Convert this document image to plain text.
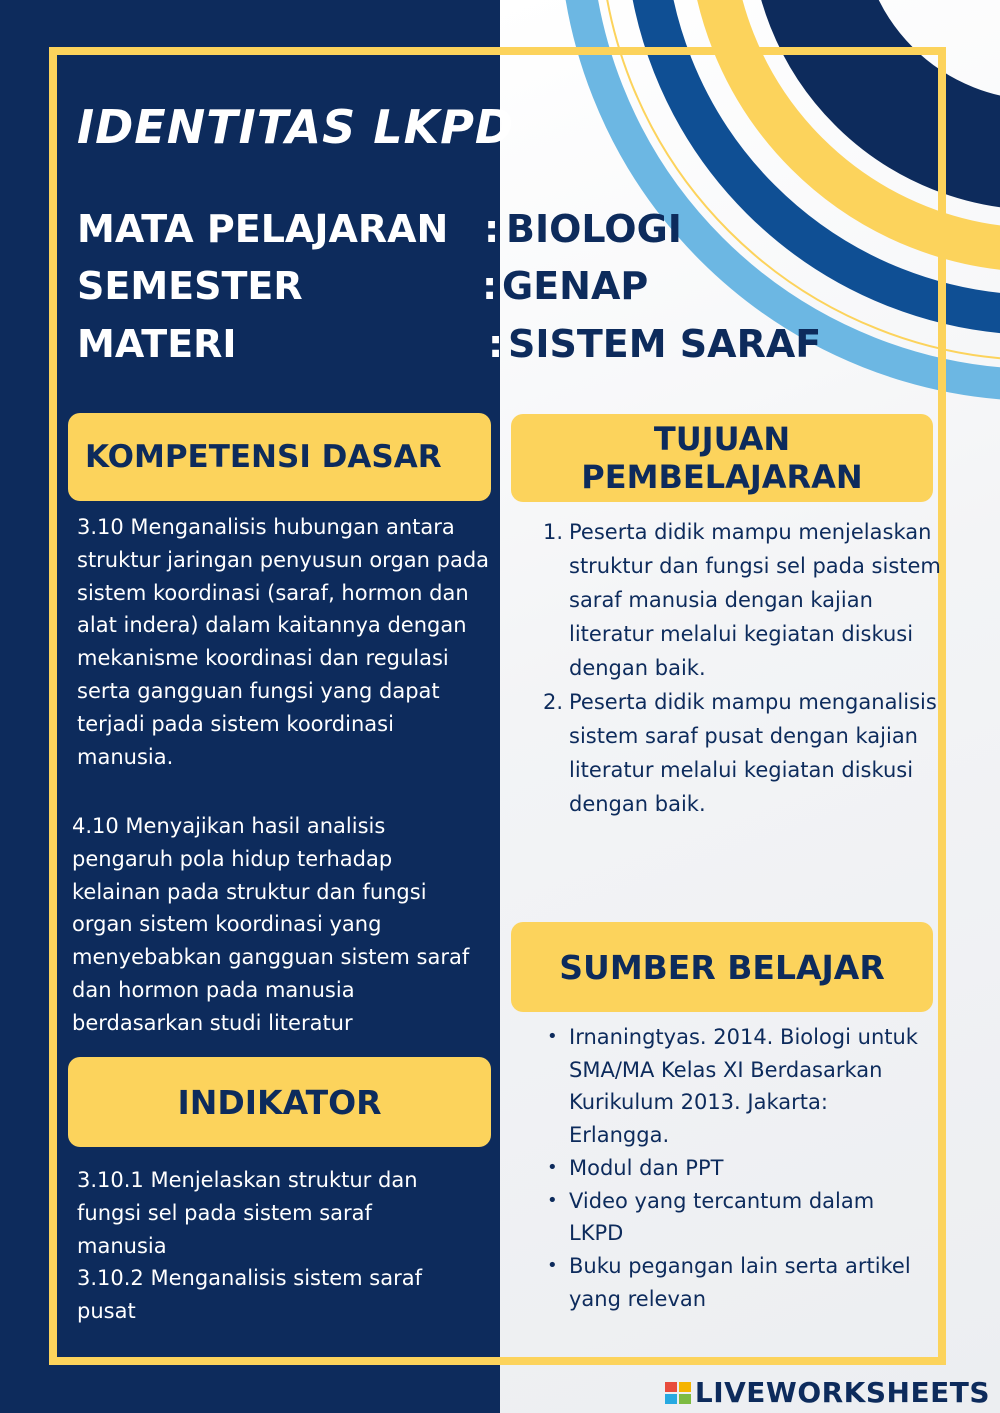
IDENTITAS LKPD
MATA PELAJARAN : BIOLOGI
SEMESTER	: GENAP
MATERI	: SISTEM SARAF
KOMPETENSI DASAR

3.10 Menganalisis hubungan antara struktur jaringan penyusun organ pada sistem koordinasi (saraf, hormon dan alat indera) dalam kaitannya dengan mekanisme koordinasi dan regulasi serta gangguan fungsi yang dapat terjadi pada sistem koordinasi manusia.

4.10 Menyajikan hasil analisis pengaruh pola hidup terhadap kelainan pada struktur dan fungsi organ sistem koordinasi yang menyebabkan gangguan sistem saraf dan hormon pada manusia berdasarkan studi literatur

INDIKATOR

3.10.1 Menjelaskan struktur dan fungsi sel pada sistem saraf manusia

3.10.2 Menganalisis sistem saraf pusat

TUJUAN
PEMBELAJARAN
1. Peserta didik mampu menjelaskan struktur dan fungsi sel pada sistem saraf manusia dengan kajian literatur melalui kegiatan diskusi dengan baik.
2. Peserta didik mampu menganalisis sistem saraf pusat dengan kajian literatur melalui kegiatan diskusi dengan baik.
SUMBER BELAJAR
• Irnaningtyas. 2014. Biologi untuk SMA/MA Kelas XI Berdasarkan Kurikulum 2013. Jakarta: Erlangga.
• Modul dan PPT
• Video yang tercantum dalam LKPD
• Buku pegangan lain serta artikel yang relevan
LIVEWORKSHEETS
